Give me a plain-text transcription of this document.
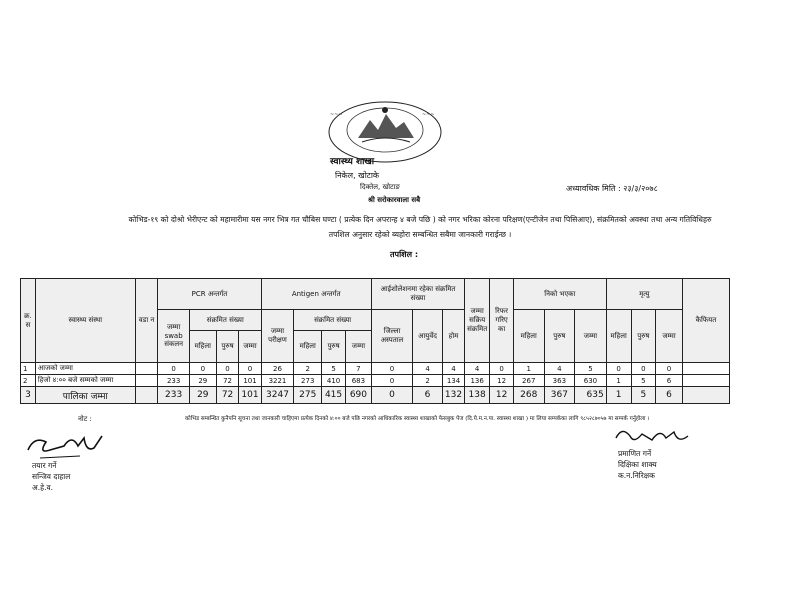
~~~	~~~
स्वास्थ्य शाखा
निकेल, खोटाके
दिक्तेल, खोटाङ
श्री सरोकारवाला सबै
अध्यावधिक मिति : २३/३/२०७८
कोभिड-१९ को दोश्रो भेरीएन्ट को महामारीमा यस नगर भित्र गत चौबिस घण्टा ( प्रत्येक दिन अपरान्ह ४ बजे पछि ) को नगर भरिका कोरना परिक्षण(एन्टीजेन तथा पिसिआए), संक्रमितको अवस्था तथा अन्य गतिविधिहरु
तपशिल अनुसार रहेको ब्यहोरा सम्बन्धित सबैमा जानकारी गराईन्छ ।
तपशिल :
क्र. स	स्वास्थ्य संस्था	वडा न	PCR अन्तर्गत				Antigen अन्तर्गत				आईशोलेशनमा रहेका संक्रमित संख्या			जम्मा सक्रिय संक्रमित	रिफर गरिए का	निको भएका			मृत्यु			कैफियत
			जम्मा swab संकलन	संक्रमित संख्या			जम्मा परीक्षण	संक्रमित संख्या			जिल्ला अस्पताल	आयुर्वेद	होम			महिला	पुरुष	जम्मा	महिला	पुरुष	जम्मा	
				महिला	पुरुष	जम्मा		महिला	पुरुष	जम्मा												
1	आजको जम्मा		0	0	0	0	26	2	5	7	0	4	4	4	0	1	4	5	0	0	0	
2	हिजो ४:०० बजे सम्मको जम्मा		233	29	72	101	3221	273	410	683	0	2	134	136	12	267	363	630	1	5	6	
3	पालिका जम्मा		233	29	72	101	3247	275	415	690	0	6	132	138	12	268	367	635	1	5	6	
नोट :	कोभिड सम्बन्धित कुनैपनि सूचना तथा जानकारी चाहिएमा प्रत्येक दिनको ४:०० बजे पछि नगरको आधिकारिक स्वास्थ्य शाखाको फेसबुक पेज (दि.ये.म.न.पा. स्वास्थ्य शाखा ) मा लिया सम्पर्कका लागि ९८५२८७०५७ मा सम्पर्क गर्नुहोला ।
तयार गर्ने
सन्जिव दाहाल
अ.हे.व.
प्रमाणित गर्ने
दिक्षिका शाक्य
क.न.निरिक्षक
